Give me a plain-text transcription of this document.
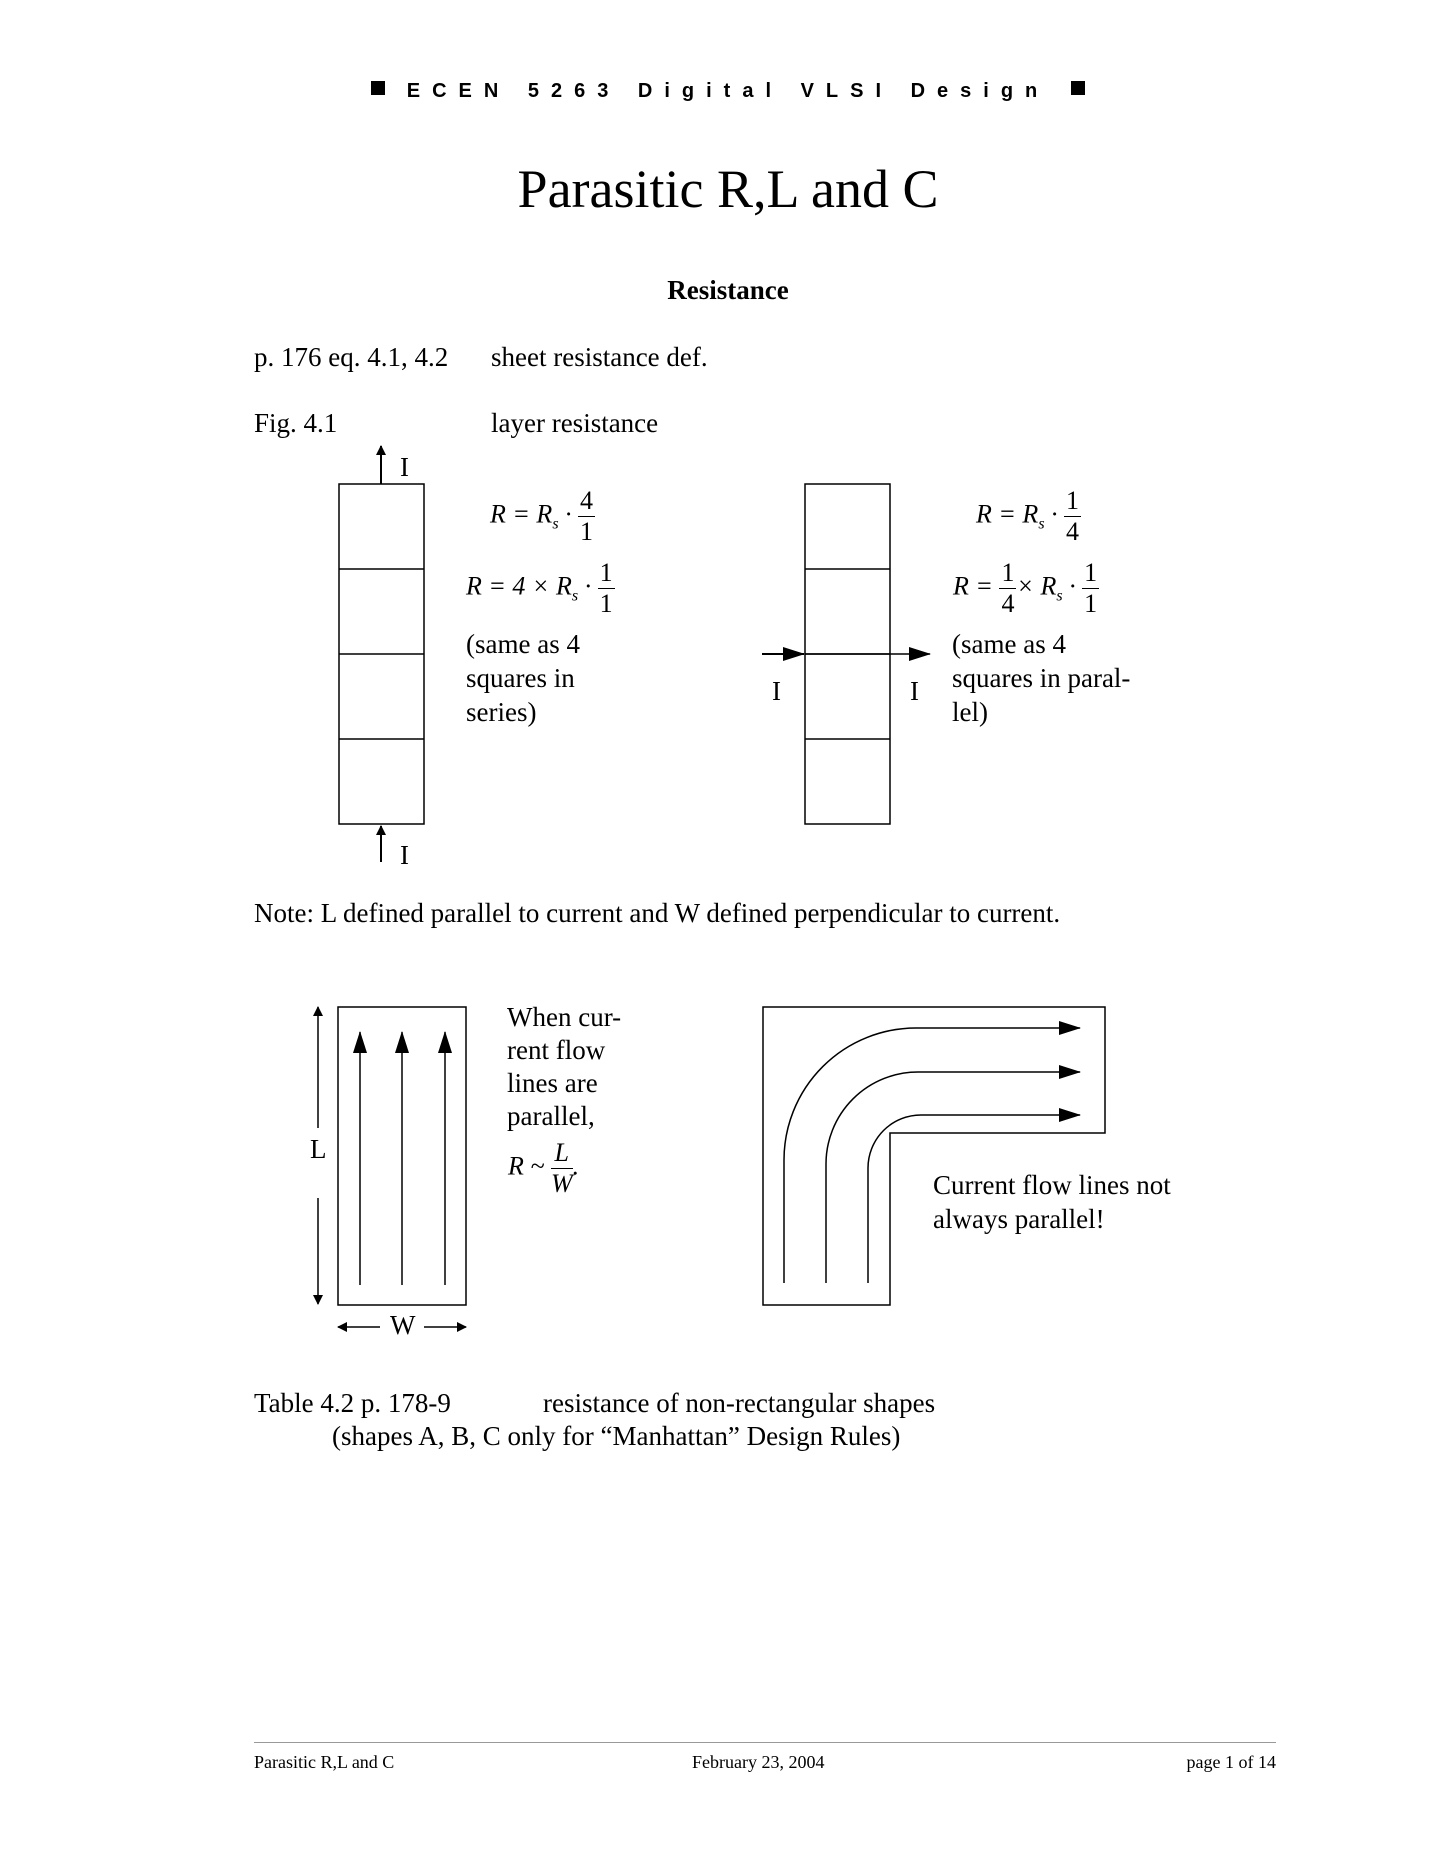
ECEN 5263 Digital VLSI Design
Parasitic R,L and C
Resistance
p. 176 eq. 4.1, 4.2 sheet resistance def.
Fig. 4.1	layer resistance
I
I
I	I
$R = R_s \cdot \frac{4}{1}$
$R = 4 \times R_s \cdot \frac{1}{1}$
(same as 4
squares in
series)
$R = R_s \cdot \frac{1}{4}$
$R = \frac{1}{4} \times R_s \cdot \frac{1}{1}$
(same as 4
squares in paral-
lel)
Note: L defined parallel to current and W defined perpendicular to current.
L
W
When cur-
rent flow
lines are
parallel,
R ~ $\frac{L}{W}$ .
Current flow lines not
always parallel!
Table 4.2 p. 178-9	resistance of non-rectangular shapes
(shapes A, B, C only for “Manhattan” Design Rules)
Parasitic R,L and C	February 23, 2004	page 1 of 14
